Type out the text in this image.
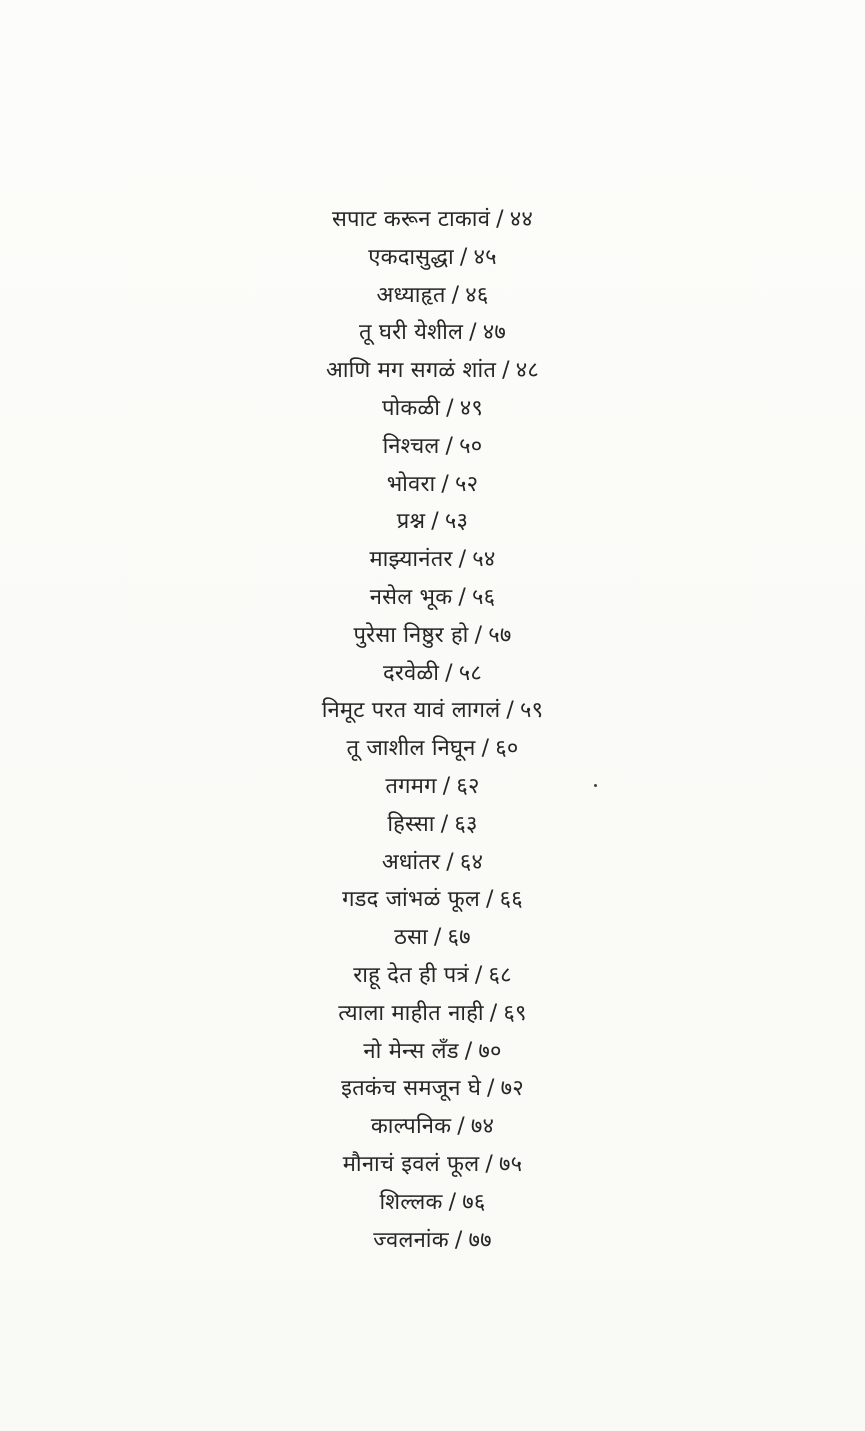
सपाट करून टाकावं / ४४
एकदासुद्धा / ४५
अध्याहृत / ४६
तू घरी येशील / ४७
आणि मग सगळं शांत / ४८
पोकळी / ४९
निश्चल / ५०
भोवरा / ५२
प्रश्न / ५३
माझ्यानंतर / ५४
नसेल भूक / ५६
पुरेसा निष्ठुर हो / ५७
दरवेळी / ५८
निमूट परत यावं लागलं / ५९
तू जाशील निघून / ६०
तगमग / ६२
हिस्सा / ६३
अधांतर / ६४
गडद जांभळं फूल / ६६
ठसा / ६७
राहू देत ही पत्रं / ६८
त्याला माहीत नाही / ६९
नो मेन्स लँड / ७०
इतकंच समजून घे / ७२
काल्पनिक / ७४
मौनाचं इवलं फूल / ७५
शिल्लक / ७६
ज्वलनांक / ७७
